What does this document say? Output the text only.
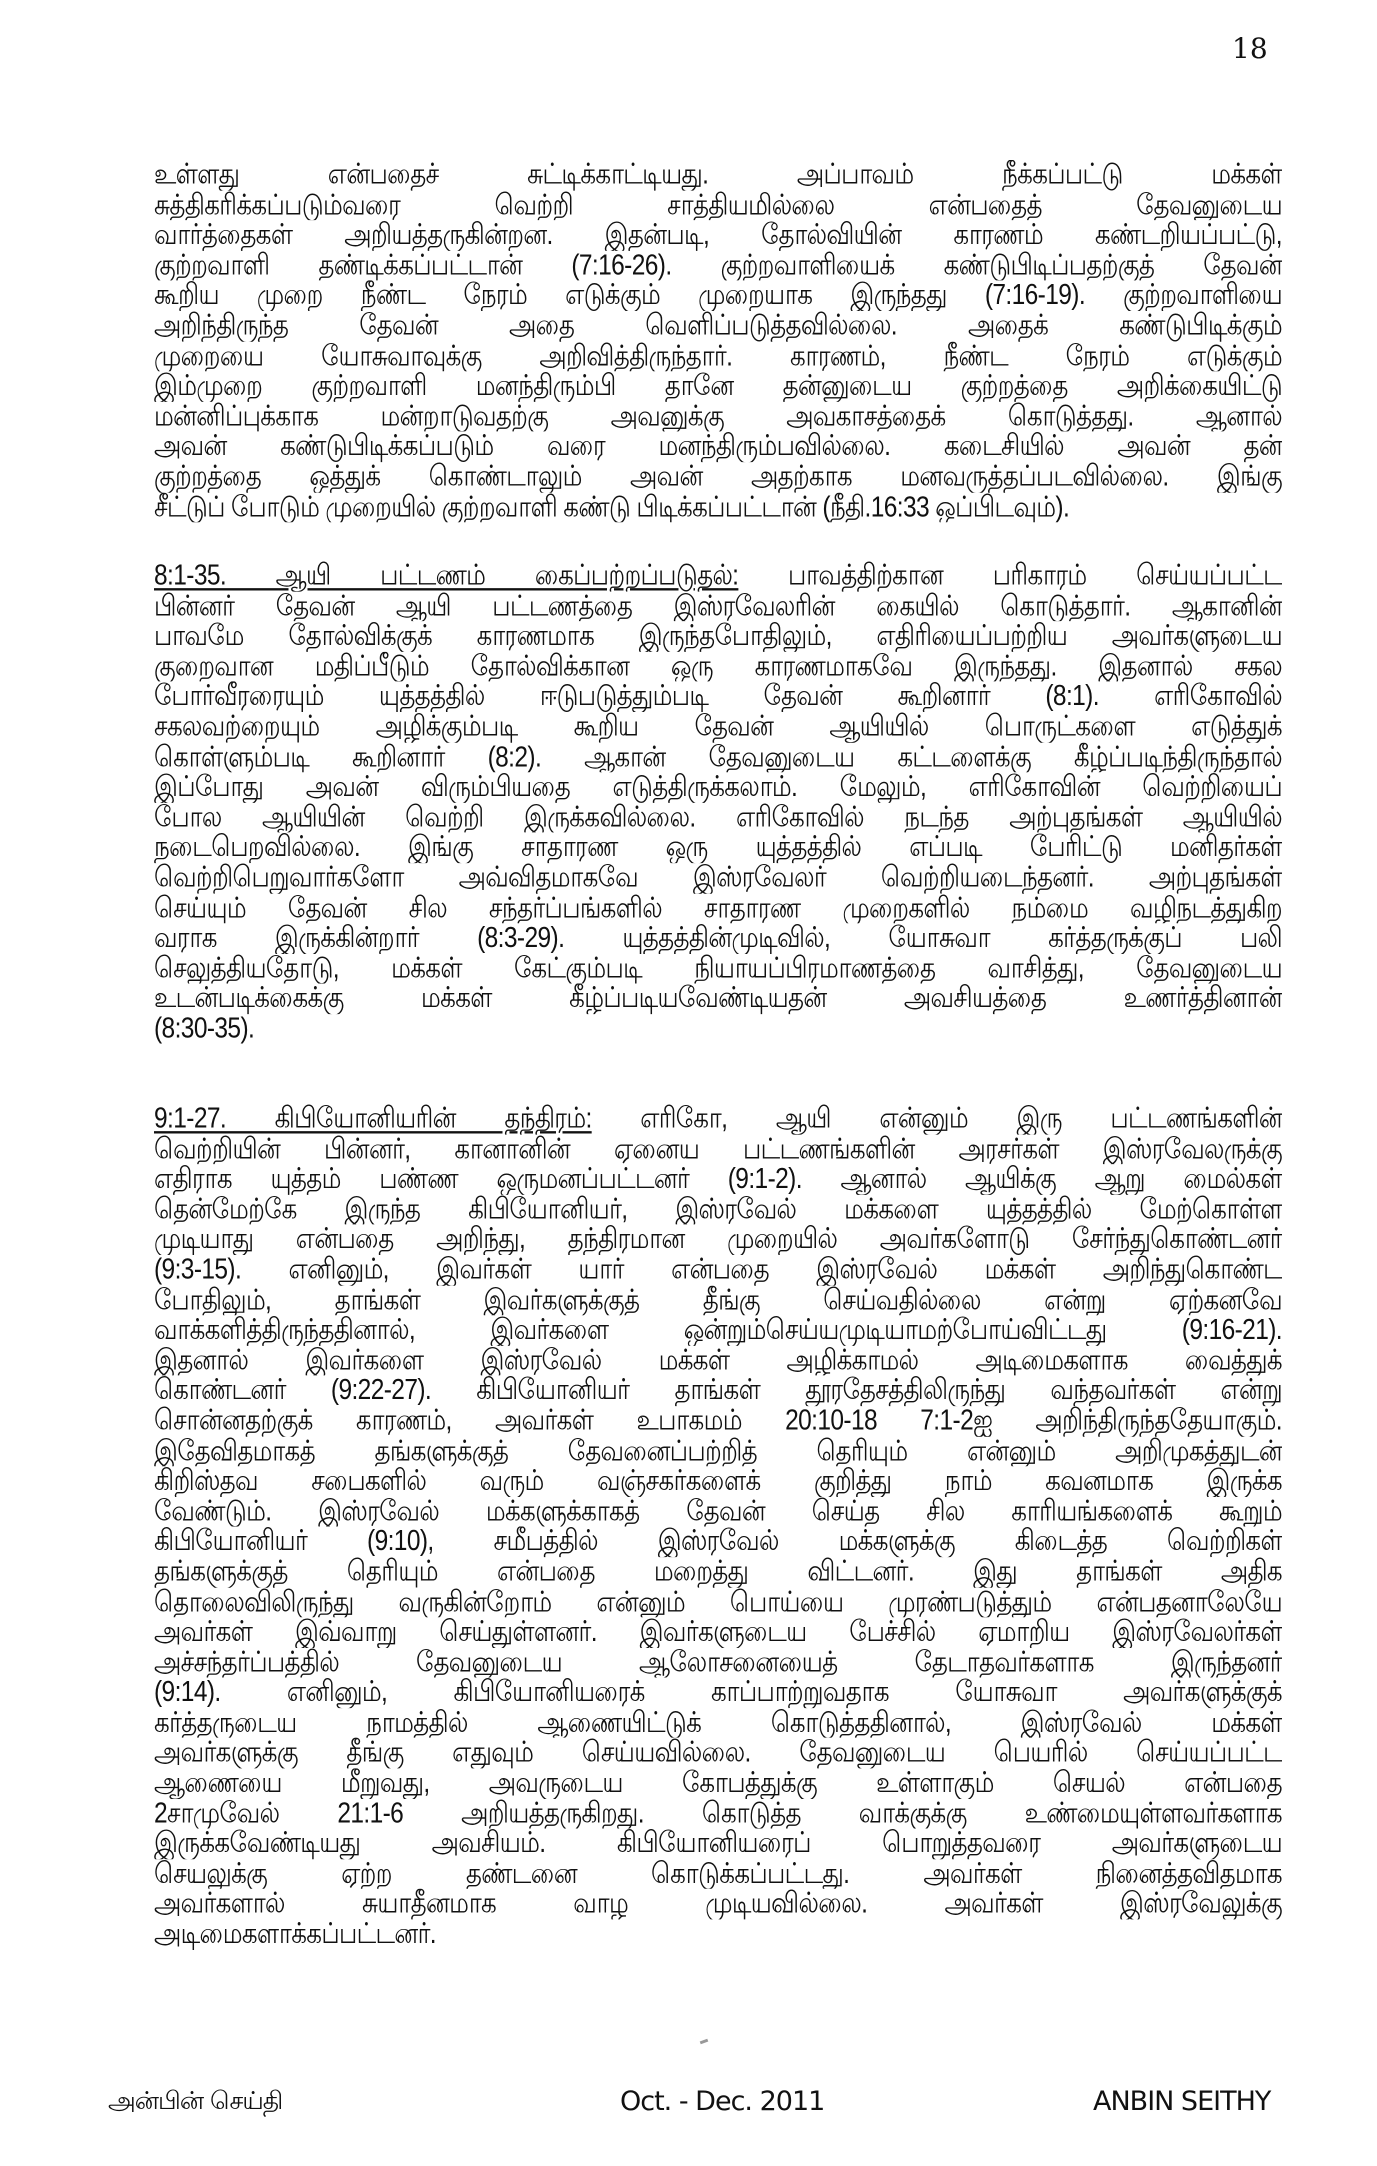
18
உள்ளது என்பதைச் சுட்டிக்காட்டியது. அப்பாவம் நீக்கப்பட்டு மக்கள்
சுத்திகரிக்கப்படும்வரை வெற்றி சாத்தியமில்லை என்பதைத் தேவனுடைய
வார்த்தைகள் அறியத்தருகின்றன. இதன்படி, தோல்வியின் காரணம் கண்டறியப்பட்டு,
குற்றவாளி தண்டிக்கப்பட்டான் (7:16-26). குற்றவாளியைக் கண்டுபிடிப்பதற்குத் தேவன்
கூறிய முறை நீண்ட நேரம் எடுக்கும் முறையாக இருந்தது (7:16-19). குற்றவாளியை
அறிந்திருந்த தேவன் அதை வெளிப்படுத்தவில்லை. அதைக் கண்டுபிடிக்கும்
முறையை யோசுவாவுக்கு அறிவித்திருந்தார். காரணம், நீண்ட நேரம் எடுக்கும்
இம்முறை குற்றவாளி மனந்திரும்பி தானே தன்னுடைய குற்றத்தை அறிக்கையிட்டு
மன்னிப்புக்காக மன்றாடுவதற்கு அவனுக்கு அவகாசத்தைக் கொடுத்தது. ஆனால்
அவன் கண்டுபிடிக்கப்படும் வரை மனந்திரும்பவில்லை. கடைசியில் அவன் தன்
குற்றத்தை ஒத்துக் கொண்டாலும் அவன் அதற்காக மனவருத்தப்படவில்லை. இங்கு
சீட்டுப் போடும் முறையில் குற்றவாளி கண்டு பிடிக்கப்பட்டான் (நீதி.16:33 ஒப்பிடவும்).
8:1-35. ஆயி பட்டணம் கைப்பற்றப்படுதல்: பாவத்திற்கான பரிகாரம் செய்யப்பட்ட
பின்னர் தேவன் ஆயி பட்டணத்தை இஸ்ரவேலரின் கையில் கொடுத்தார். ஆகானின்
பாவமே தோல்விக்குக் காரணமாக இருந்தபோதிலும், எதிரியைப்பற்றிய அவர்களுடைய
குறைவான மதிப்பீடும் தோல்விக்கான ஒரு காரணமாகவே இருந்தது. இதனால் சகல
போர்வீரரையும் யுத்தத்தில் ஈடுபடுத்தும்படி தேவன் கூறினார் (8:1). எரிகோவில்
சகலவற்றையும் அழிக்கும்படி கூறிய தேவன் ஆயியில் பொருட்களை எடுத்துக்
கொள்ளும்படி கூறினார் (8:2). ஆகான் தேவனுடைய கட்டளைக்கு கீழ்ப்படிந்திருந்தால்
இப்போது அவன் விரும்பியதை எடுத்திருக்கலாம். மேலும், எரிகோவின் வெற்றியைப்
போல ஆயியின் வெற்றி இருக்கவில்லை. எரிகோவில் நடந்த அற்புதங்கள் ஆயியில்
நடைபெறவில்லை. இங்கு சாதாரண ஒரு யுத்தத்தில் எப்படி பேரிட்டு மனிதர்கள்
வெற்றிபெறுவார்களோ அவ்விதமாகவே இஸ்ரவேலர் வெற்றியடைந்தனர். அற்புதங்கள்
செய்யும் தேவன் சில சந்தர்ப்பங்களில் சாதாரண முறைகளில் நம்மை வழிநடத்துகிற
வராக இருக்கின்றார் (8:3-29). யுத்தத்தின்முடிவில், யோசுவா கர்த்தருக்குப் பலி
செலுத்தியதோடு, மக்கள் கேட்கும்படி நியாயப்பிரமாணத்தை வாசித்து, தேவனுடைய
உடன்படிக்கைக்கு மக்கள் கீழ்ப்படியவேண்டியதன் அவசியத்தை உணர்த்தினான்
(8:30-35).
9:1-27. கிபியோனியரின் தந்திரம்: எரிகோ, ஆயி என்னும் இரு பட்டணங்களின்
வெற்றியின் பின்னர், கானானின் ஏனைய பட்டணங்களின் அரசர்கள் இஸ்ரவேலருக்கு
எதிராக யுத்தம் பண்ண ஒருமனப்பட்டனர் (9:1-2). ஆனால் ஆயிக்கு ஆறு மைல்கள்
தென்மேற்கே இருந்த கிபியோனியர், இஸ்ரவேல் மக்களை யுத்தத்தில் மேற்கொள்ள
முடியாது என்பதை அறிந்து, தந்திரமான முறையில் அவர்களோடு சேர்ந்துகொண்டனர்
(9:3-15). எனினும், இவர்கள் யார் என்பதை இஸ்ரவேல் மக்கள் அறிந்துகொண்ட
போதிலும், தாங்கள் இவர்களுக்குத் தீங்கு செய்வதில்லை என்று ஏற்கனவே
வாக்களித்திருந்ததினால், இவர்களை ஒன்றும்செய்யமுடியாமற்போய்விட்டது (9:16-21).
இதனால் இவர்களை இஸ்ரவேல் மக்கள் அழிக்காமல் அடிமைகளாக வைத்துக்
கொண்டனர் (9:22-27). கிபியோனியர் தாங்கள் தூரதேசத்திலிருந்து வந்தவர்கள் என்று
சொன்னதற்குக் காரணம், அவர்கள் உபாகமம் 20:10-18 7:1-2ஐ அறிந்திருந்ததேயாகும்.
இதேவிதமாகத் தங்களுக்குத் தேவனைப்பற்றித் தெரியும் என்னும் அறிமுகத்துடன்
கிறிஸ்தவ சபைகளில் வரும் வஞ்சகர்களைக் குறித்து நாம் கவனமாக இருக்க
வேண்டும். இஸ்ரவேல் மக்களுக்காகத் தேவன் செய்த சில காரியங்களைக் கூறும்
கிபியோனியர் (9:10), சமீபத்தில் இஸ்ரவேல் மக்களுக்கு கிடைத்த வெற்றிகள்
தங்களுக்குத் தெரியும் என்பதை மறைத்து விட்டனர். இது தாங்கள் அதிக
தொலைவிலிருந்து வருகின்றோம் என்னும் பொய்யை முரண்படுத்தும் என்பதனாலேயே
அவர்கள் இவ்வாறு செய்துள்ளனர். இவர்களுடைய பேச்சில் ஏமாறிய இஸ்ரவேலர்கள்
அச்சந்தர்ப்பத்தில் தேவனுடைய ஆலோசனையைத் தேடாதவர்களாக இருந்தனர்
(9:14). எனினும், கிபியோனியரைக் காப்பாற்றுவதாக யோசுவா அவர்களுக்குக்
கர்த்தருடைய நாமத்தில் ஆணையிட்டுக் கொடுத்ததினால், இஸ்ரவேல் மக்கள்
அவர்களுக்கு தீங்கு எதுவும் செய்யவில்லை. தேவனுடைய பெயரில் செய்யப்பட்ட
ஆணையை மீறுவது, அவருடைய கோபத்துக்கு உள்ளாகும் செயல் என்பதை
2சாமுவேல் 21:1-6 அறியத்தருகிறது. கொடுத்த வாக்குக்கு உண்மையுள்ளவர்களாக
இருக்கவேண்டியது அவசியம். கிபியோனியரைப் பொறுத்தவரை அவர்களுடைய
செயலுக்கு ஏற்ற தண்டனை கொடுக்கப்பட்டது. அவர்கள் நினைத்தவிதமாக
அவர்களால் சுயாதீனமாக வாழ முடியவில்லை. அவர்கள் இஸ்ரவேலுக்கு
அடிமைகளாக்கப்பட்டனர்.
அன்பின் செய்தி	Oct. - Dec. 2011	ANBIN SEITHY
